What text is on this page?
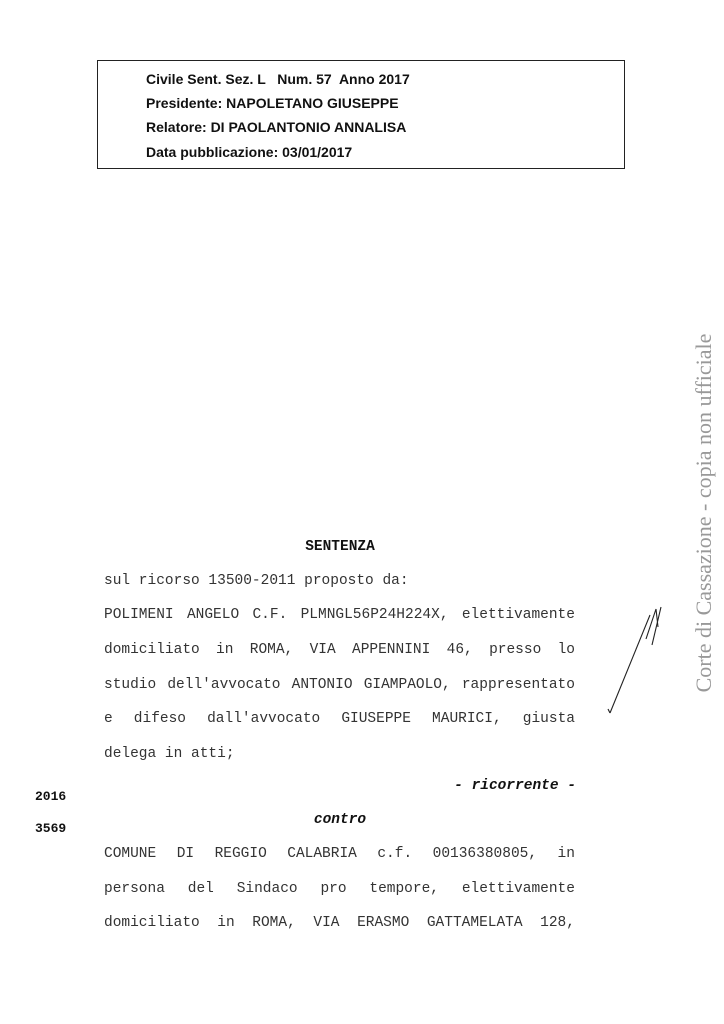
Civile Sent. Sez. L   Num. 57  Anno 2017
Presidente: NAPOLETANO GIUSEPPE
Relatore: DI PAOLANTONIO ANNALISA
Data pubblicazione: 03/01/2017
Corte di Cassazione - copia non ufficiale
SENTENZA
sul ricorso 13500-2011 proposto da:
POLIMENI ANGELO C.F. PLMNGL56P24H224X, elettivamente
domiciliato in ROMA, VIA APPENNINI 46, presso lo
studio dell'avvocato ANTONIO GIAMPAOLO, rappresentato
e difeso dall'avvocato GIUSEPPE MAURICI, giusta
delega in atti;
- ricorrente -
2016
3569
contro
COMUNE DI REGGIO CALABRIA c.f. 00136380805, in
persona del Sindaco pro tempore, elettivamente
domiciliato in ROMA, VIA ERASMO GATTAMELATA 128,
